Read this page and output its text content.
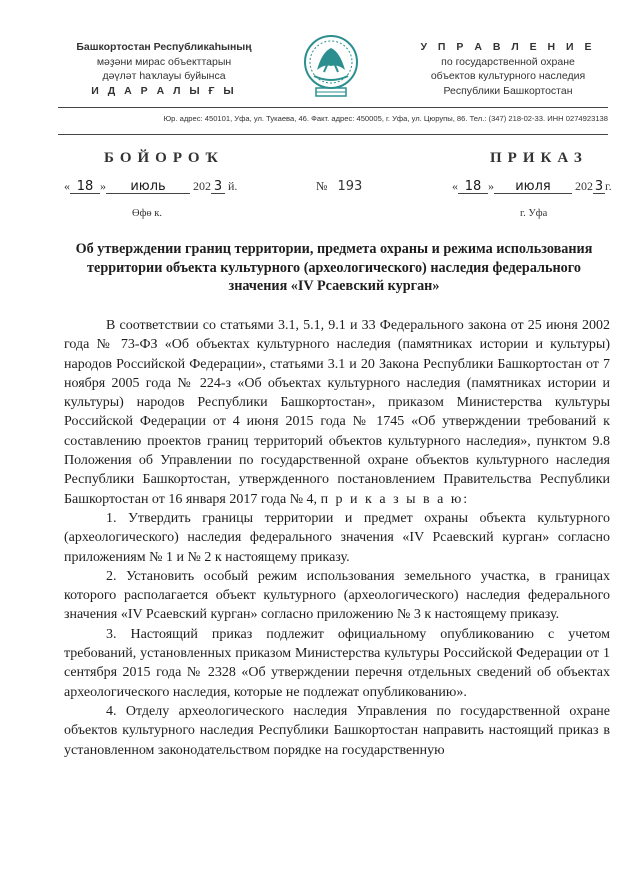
Башкортостан Республикаһының
мәҙәни мирас объекттарын
дәүләт һаҡлауы буйынса
И Д А Р А Л Ы Ғ Ы
У П Р А В Л Е Н И Е
по государственной охране
объектов культурного наследия
Республики Башкортостан
Юр. адрес: 450101, Уфа, ул. Тукаева, 46. Факт. адрес: 450005, г. Уфа, ул. Цюрупы, 86. Тел.: (347) 218-02-33. ИНН 0274923138
БОЙОРОҠ	ПРИКАЗ
« 18 » июль 202 3 й.	№ 193	« 18 » июля 202 3 г.
Өфө к.	г. Уфа
Об утверждении границ территории, предмета охраны и режима использования территории объекта культурного (археологического) наследия федерального значения «IV Рсаевский курган»

В соответствии со статьями 3.1, 5.1, 9.1 и 33 Федерального закона от 25 июня 2002 года № 73-ФЗ «Об объектах культурного наследия (памятниках истории и культуры) народов Российской Федерации», статьями 3.1 и 20 Закона Республики Башкортостан от 7 ноября 2005 года № 224-з «Об объектах культурного наследия (памятниках истории и культуры) народов Республики Башкортостан», приказом Министерства культуры Российской Федерации от 4 июня 2015 года № 1745 «Об утверждении требований к составлению проектов границ территорий объектов культурного наследия», пунктом 9.8 Положения об Управлении по государственной охране объектов культурного наследия Республики Башкортостан, утвержденного постановлением Правительства Республики Башкортостан от 16 января 2017 года № 4, п р и к а з ы в а ю:

1. Утвердить границы территории и предмет охраны объекта культурного (археологического) наследия федерального значения «IV Рсаевский курган» согласно приложениям № 1 и № 2 к настоящему приказу.

2. Установить особый режим использования земельного участка, в границах которого располагается объект культурного (археологического) наследия федерального значения «IV Рсаевский курган» согласно приложению № 3 к настоящему приказу.

3. Настоящий приказ подлежит официальному опубликованию с учетом требований, установленных приказом Министерства культуры Российской Федерации от 1 сентября 2015 года № 2328 «Об утверждении перечня отдельных сведений об объектах археологического наследия, которые не подлежат опубликованию».

4. Отделу археологического наследия Управления по государственной охране объектов культурного наследия Республики Башкортостан направить настоящий приказ в установленном законодательством порядке на государственную
